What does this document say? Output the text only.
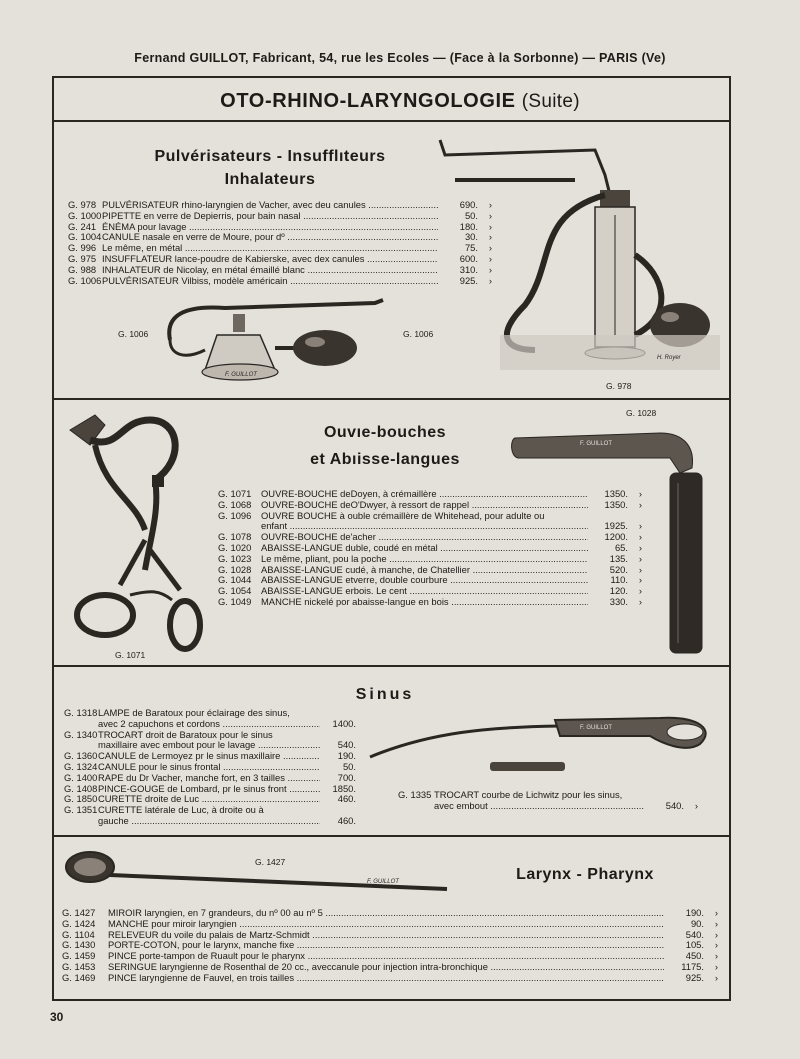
Fernand GUILLOT, Fabricant, 54, rue les Ecoles — (Face à la Sorbonne) — PARIS (Ve)
OTO-RHINO-LARYNGOLOGIE (Suite)
Pulvérisateurs - Insufflıteurs
Inhalateurs
G. 978 PULVÉRISATEUR rhino-laryngien de Vacher, avec deu canules .....	690.	›
G. 1000 PIPETTE en verre de Depierris, pour bain nasal .....	50.	›
G. 241 ÉNÉMA pour lavage .....	180.	›
G. 1004 CANULE nasale en verre de Moure, pour dº .....	30.	›
G. 996 Le même, en métal .....	75.	›
G. 975 INSUFFLATEUR lance-poudre de Kabierske, avec dex canules .....	600.	›
G. 988 INHALATEUR de Nicolay, en métal émaillé blanc .....	310.	›
G. 1006 PULVÉRISATEUR Vilbiss, modèle américain .....	925.	›
F. GUILLOT
H. Royer
G. 1006	G. 1006
G. 978
G. 1028
Ouvıe-bouches
et Abıisse-langues
G. 1071
F. GUILLOT
G. 1071	OUVRE-BOUCHE deDoyen, à crémaillère .....	1350.	›
G. 1068	OUVRE-BOUCHE deO'Dwyer, à ressort de rappel .....	1350.	›
G. 1096	OUVRE BOUCHE à ouble crémaillère de Whitehead, pour adulte ou
enfant .....	1925.	›
G. 1078	OUVRE-BOUCHE de'acher .....	1200.	›
G. 1020	ABAISSE-LANGUE duble, coudé en métal .....	65.	›
G. 1023	Le même, pliant, pou la poche .....	135.	›
G. 1028	ABAISSE-LANGUE cudé, à manche, de Chatellier .....	520.	›
G. 1044	ABAISSE-LANGUE etverre, double courbure .....	110.	›
G. 1054	ABAISSE-LANGUE erbois. Le cent .....	120.	›
G. 1049	MANCHE nickelé por abaisse-langue en bois .....	330.	›
Sinus
G. 1318 LAMPE de Baratoux pour éclairage des sinus,
avec 2 capuchons et cordons .....	1400.
G. 1340 TROCART droit de Baratoux pour le sinus
maxillaire avec embout pour le lavage .....	540.
G. 1360 CANULE de Lermoyez pr le sinus maxillaire .....	190.
G. 1324 CANULE pour le sinus frontal .....	50.
G. 1400 RAPE du Dr Vacher, manche fort, en 3 tailles .....	700.
G. 1408 PINCE-GOUGE de Lombard, pr le sinus front .....	1850.
G. 1850 CURETTE droite de Luc .....	460.
G. 1351 CURETTE latérale de Luc, à droite ou à
gauche .....	460.
F. GUILLOT
G. 1335 TROCART courbe de Lichwitz pour les sinus,
avec embout .....	540.	›
G. 1427
F. GUILLOT	Larynx - Pharynx
G. 1427	MIROIR laryngien, en 7 grandeurs, du nº 00 au nº 5 .....	190.	›
G. 1424	MANCHE pour miroir laryngien .....	90.	›
G. 1104	RELEVEUR du voile du palais de Martz-Schmidt .....	540.	›
G. 1430	PORTE-COTON, pour le larynx, manche fixe .....	105.	›
G. 1459	PINCE porte-tampon de Ruault pour le pharynx .....	450.	›
G. 1453	SERINGUE laryngienne de Rosenthal de 20 cc., aveccanule pour injection intra-bronchique .....	1175.	›
G. 1469	PINCE laryngienne de Fauvel, en trois tailles .....	925.	›
30
